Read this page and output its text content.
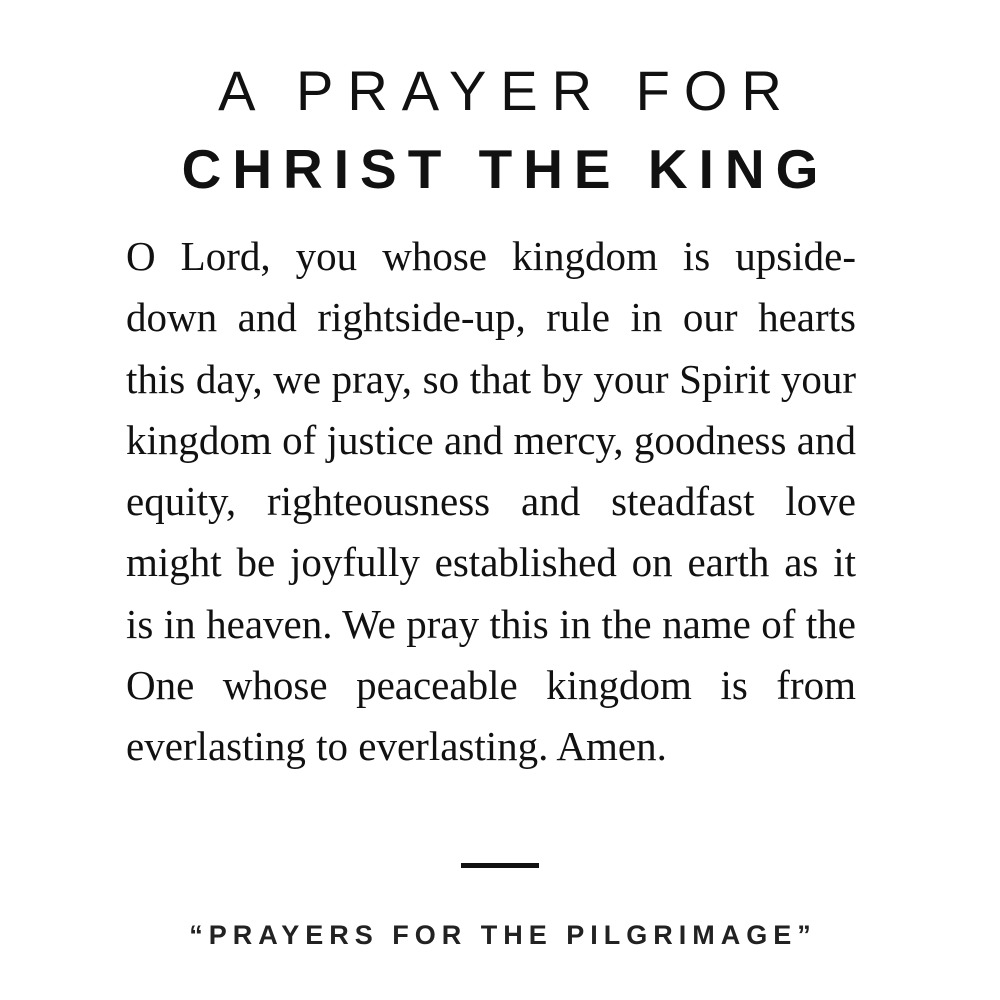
A PRAYER FOR
CHRIST THE KING

O Lord, you whose kingdom is upside-down and rightside-up, rule in our hearts this day, we pray, so that by your Spirit your kingdom of justice and mercy, goodness and equity, righteousness and steadfast love might be joyfully established on earth as it is in heaven. We pray this in the name of the One whose peaceable kingdom is from everlasting to everlasting. Amen.

“PRAYERS FOR THE PILGRIMAGE”
